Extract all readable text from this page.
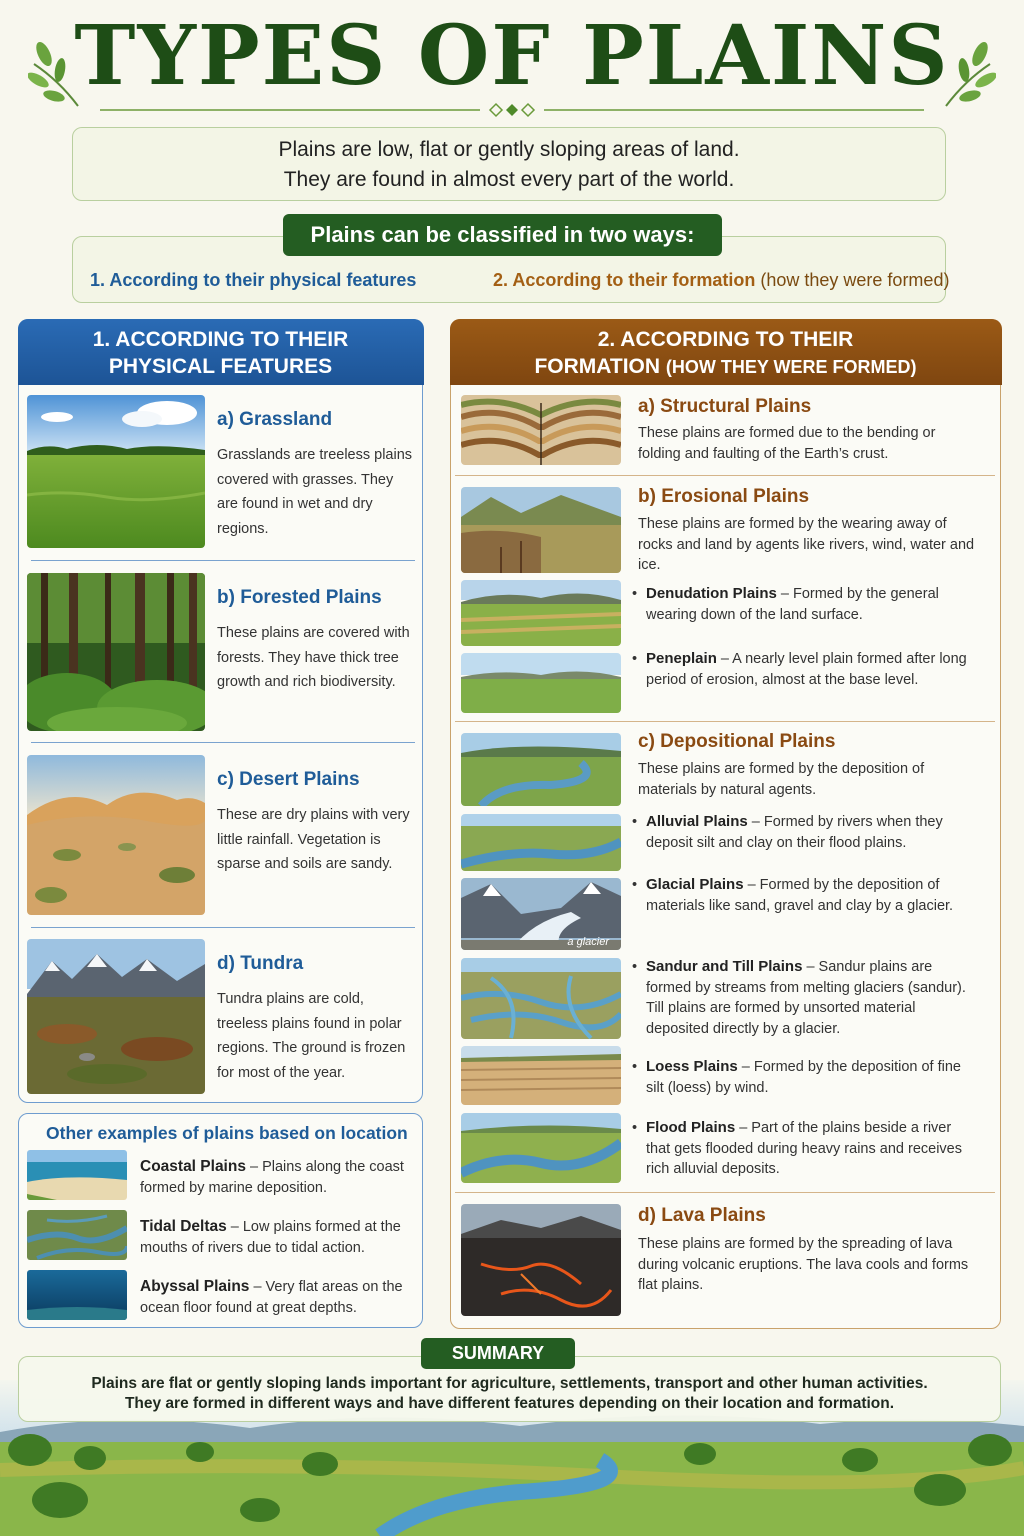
TYPES OF PLAINS
Plains are low, flat or gently sloping areas of land.
They are found in almost every part of the world.
Plains can be classified in two ways:
1. According to their physical features	2. According to their formation (how they were formed)
1. ACCORDING TO THEIR
PHYSICAL FEATURES
a) Grassland
Grasslands are treeless plains covered with grasses. They are found in wet and dry regions.
b) Forested Plains
These plains are covered with forests. They have thick tree growth and rich biodiversity.
c) Desert Plains
These are dry plains with very little rainfall. Vegetation is sparse and soils are sandy.
d) Tundra
Tundra plains are cold, treeless plains found in polar regions. The ground is frozen for most of the year.
Other examples of plains based on location
Coastal Plains – Plains along the coast formed by marine deposition.
Tidal Deltas – Low plains formed at the mouths of rivers due to tidal action.
Abyssal Plains – Very flat areas on the ocean floor found at great depths.
2. ACCORDING TO THEIR
FORMATION (HOW THEY WERE FORMED)
a) Structural Plains
These plains are formed due to the bending or folding and faulting of the Earth’s crust.
b) Erosional Plains
These plains are formed by the wearing away of rocks and land by agents like rivers, wind, water and ice.
• Denudation Plains – Formed by the general wearing down of the land surface.
• Peneplain – A nearly level plain formed after long period of erosion, almost at the base level.
c) Depositional Plains
These plains are formed by the deposition of materials by natural agents.
• Alluvial Plains – Formed by rivers when they deposit silt and clay on their flood plains.
a glacier
• Glacial Plains – Formed by the deposition of materials like sand, gravel and clay by a glacier.
• Sandur and Till Plains – Sandur plains are formed by streams from melting glaciers (sandur). Till plains are formed by unsorted material deposited directly by a glacier.
• Loess Plains – Formed by the deposition of fine silt (loess) by wind.
• Flood Plains – Part of the plains beside a river that gets flooded during heavy rains and receives rich alluvial deposits.
d) Lava Plains
These plains are formed by the spreading of lava during volcanic eruptions. The lava cools and forms flat plains.
Plains are flat or gently sloping lands important for agriculture, settlements, transport and other human activities.
They are formed in different ways and have different features depending on their location and formation.
SUMMARY
